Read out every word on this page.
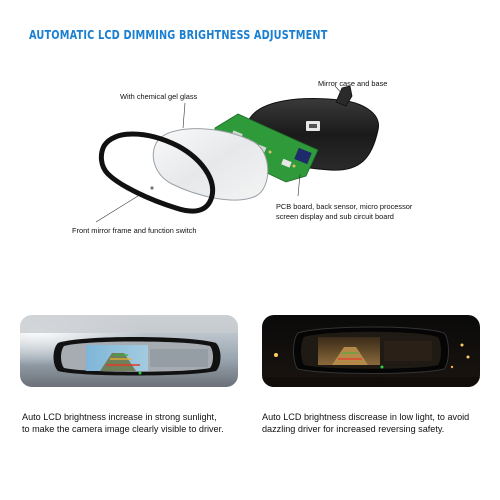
AUTOMATIC LCD DIMMING BRIGHTNESS ADJUSTMENT
With chemical gel glass
Mirror case and base
PCB board, back sensor, micro processor
screen display and sub circuit board
Front mirror frame and function switch
Auto LCD brightness increase in strong sunlight,
to make the camera image clearly visible to driver.
Auto LCD brightness discrease in low light, to avoid
dazzling driver for increased reversing safety.
